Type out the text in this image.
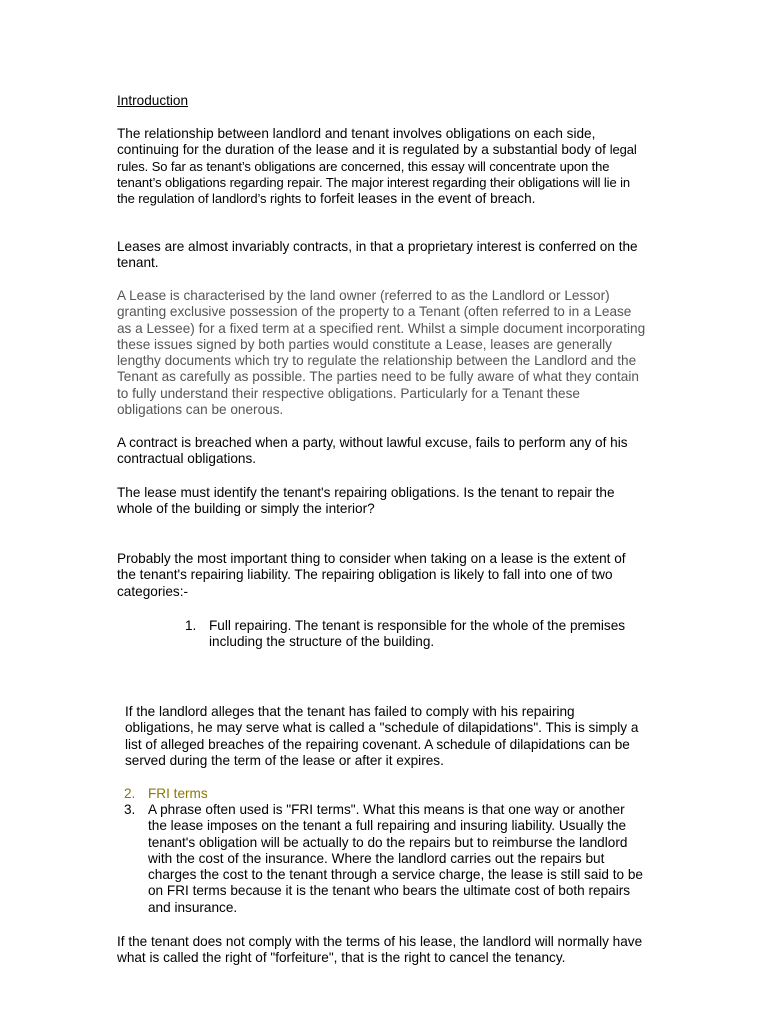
Introduction

The relationship between landlord and tenant involves obligations on each side, continuing for the duration of the lease and it is regulated by a substantial body of legal rules. So far as tenant’s obligations are concerned, this essay will concentrate upon the tenant’s obligations regarding repair. The major interest regarding their obligations will lie in the regulation of landlord’s rights to forfeit leases in the event of breach.

Leases are almost invariably contracts, in that a proprietary interest is conferred on the tenant.

A Lease is characterised by the land owner (referred to as the Landlord or Lessor) granting exclusive possession of the property to a Tenant (often referred to in a Lease as a Lessee) for a fixed term at a specified rent. Whilst a simple document incorporating these issues signed by both parties would constitute a Lease, leases are generally lengthy documents which try to regulate the relationship between the Landlord and the Tenant as carefully as possible. The parties need to be fully aware of what they contain to fully understand their respective obligations. Particularly for a Tenant these obligations can be onerous.

A contract is breached when a party, without lawful excuse, fails to perform any of his contractual obligations.

The lease must identify the tenant's repairing obligations. Is the tenant to repair the whole of the building or simply the interior?

Probably the most important thing to consider when taking on a lease is the extent of the tenant's repairing liability. The repairing obligation is likely to fall into one of two categories:-

1. Full repairing. The tenant is responsible for the whole of the premises including the structure of the building.

If the landlord alleges that the tenant has failed to comply with his repairing obligations, he may serve what is called a "schedule of dilapidations". This is simply a list of alleged breaches of the repairing covenant. A schedule of dilapidations can be served during the term of the lease or after it expires.

2. FRI terms
3. A phrase often used is "FRI terms". What this means is that one way or another the lease imposes on the tenant a full repairing and insuring liability. Usually the tenant's obligation will be actually to do the repairs but to reimburse the landlord with the cost of the insurance. Where the landlord carries out the repairs but charges the cost to the tenant through a service charge, the lease is still said to be on FRI terms because it is the tenant who bears the ultimate cost of both repairs and insurance.

If the tenant does not comply with the terms of his lease, the landlord will normally have what is called the right of "forfeiture", that is the right to cancel the tenancy.
